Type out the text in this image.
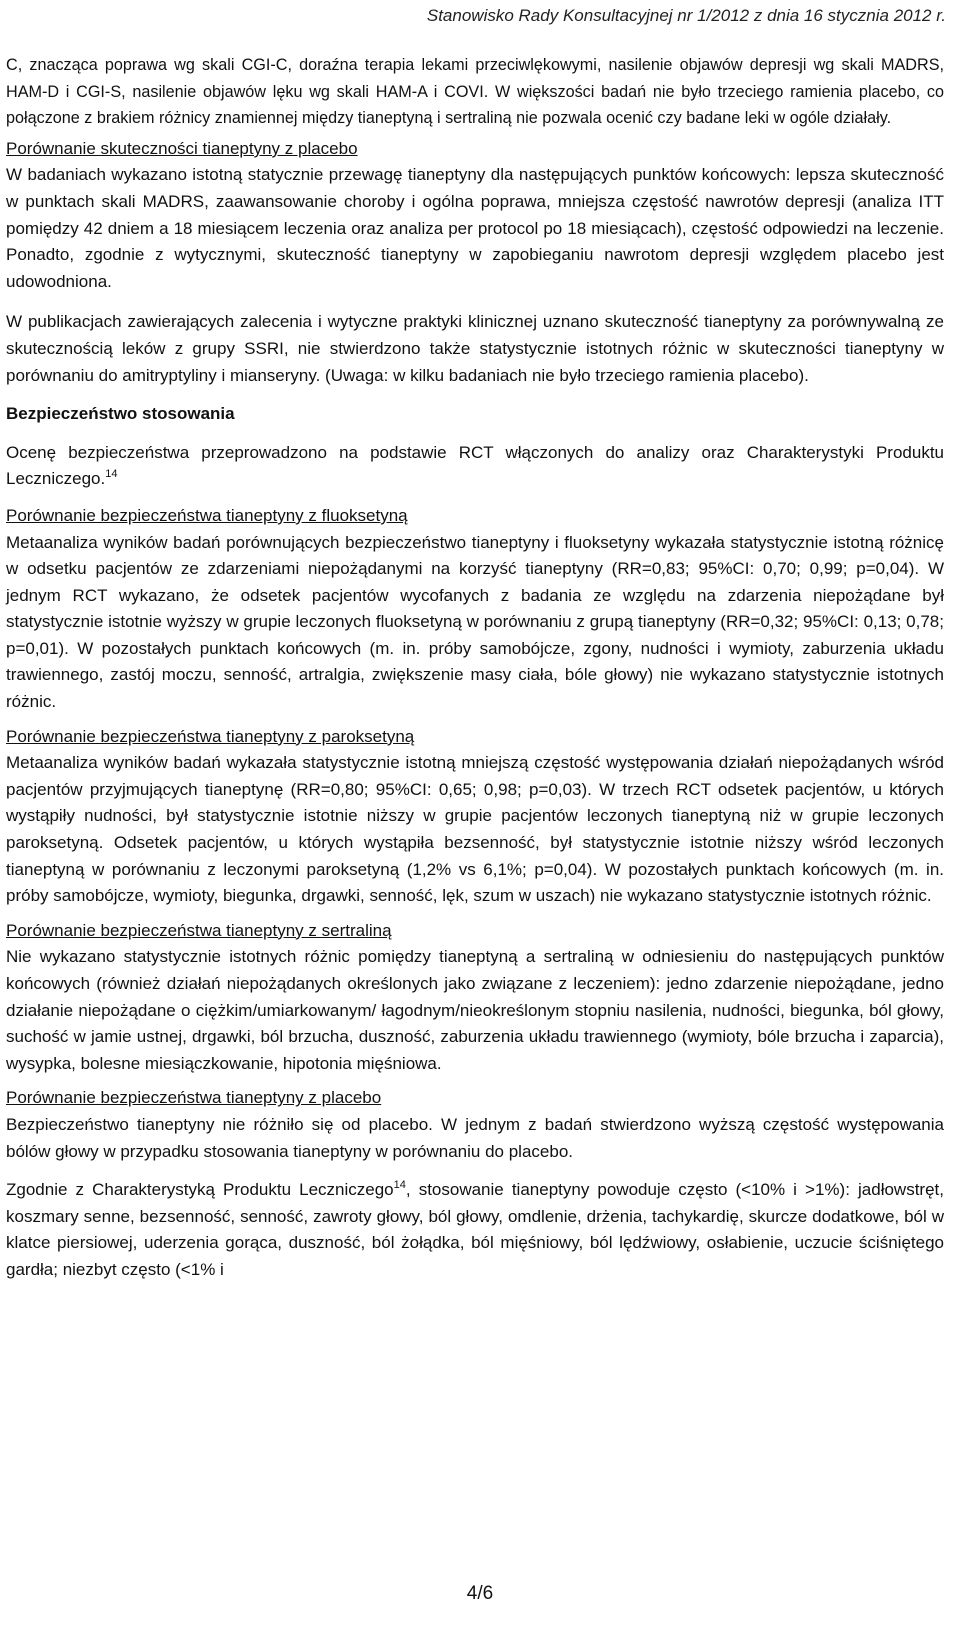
Stanowisko Rady Konsultacyjnej nr 1/2012 z dnia 16 stycznia 2012 r.

C, znacząca poprawa wg skali CGI-C, doraźna terapia lekami przeciwlękowymi, nasilenie objawów depresji wg skali MADRS, HAM-D i CGI-S, nasilenie objawów lęku wg skali HAM-A i COVI. W większości badań nie było trzeciego ramienia placebo, co połączone z brakiem różnicy znamiennej między tianeptyną i sertraliną nie pozwala ocenić czy badane leki w ogóle działały.

Porównanie skuteczności tianeptyny z placebo

W badaniach wykazano istotną statycznie przewagę tianeptyny dla następujących punktów końcowych: lepsza skuteczność w punktach skali MADRS, zaawansowanie choroby i ogólna poprawa, mniejsza częstość nawrotów depresji (analiza ITT pomiędzy 42 dniem a 18 miesiącem leczenia oraz analiza per protocol po 18 miesiącach), częstość odpowiedzi na leczenie. Ponadto, zgodnie z wytycznymi, skuteczność tianeptyny w zapobieganiu nawrotom depresji względem placebo jest udowodniona.

W publikacjach zawierających zalecenia i wytyczne praktyki klinicznej uznano skuteczność tianeptyny za porównywalną ze skutecznością leków z grupy SSRI, nie stwierdzono także statystycznie istotnych różnic w skuteczności tianeptyny w porównaniu do amitryptyliny i mianseryny. (Uwaga: w kilku badaniach nie było trzeciego ramienia placebo).

Bezpieczeństwo stosowania

Ocenę bezpieczeństwa przeprowadzono na podstawie RCT włączonych do analizy oraz Charakterystyki Produktu Leczniczego.$^{14}$

Porównanie bezpieczeństwa tianeptyny z fluoksetyną

Metaanaliza wyników badań porównujących bezpieczeństwo tianeptyny i fluoksetyny wykazała statystycznie istotną różnicę w odsetku pacjentów ze zdarzeniami niepożądanymi na korzyść tianeptyny (RR=0,83; 95%CI: 0,70; 0,99; p=0,04). W jednym RCT wykazano, że odsetek pacjentów wycofanych z badania ze względu na zdarzenia niepożądane był statystycznie istotnie wyższy w grupie leczonych fluoksetyną w porównaniu z grupą tianeptyny (RR=0,32; 95%CI: 0,13; 0,78; p=0,01). W pozostałych punktach końcowych (m. in. próby samobójcze, zgony, nudności i wymioty, zaburzenia układu trawiennego, zastój moczu, senność, artralgia, zwiększenie masy ciała, bóle głowy) nie wykazano statystycznie istotnych różnic.

Porównanie bezpieczeństwa tianeptyny z paroksetyną

Metaanaliza wyników badań wykazała statystycznie istotną mniejszą częstość występowania działań niepożądanych wśród pacjentów przyjmujących tianeptynę (RR=0,80; 95%CI: 0,65; 0,98; p=0,03). W trzech RCT odsetek pacjentów, u których wystąpiły nudności, był statystycznie istotnie niższy w grupie pacjentów leczonych tianeptyną niż w grupie leczonych paroksetyną. Odsetek pacjentów, u których wystąpiła bezsenność, był statystycznie istotnie niższy wśród leczonych tianeptyną w porównaniu z leczonymi paroksetyną (1,2% vs 6,1%; p=0,04). W pozostałych punktach końcowych (m. in. próby samobójcze, wymioty, biegunka, drgawki, senność, lęk, szum w uszach) nie wykazano statystycznie istotnych różnic.

Porównanie bezpieczeństwa tianeptyny z sertraliną

Nie wykazano statystycznie istotnych różnic pomiędzy tianeptyną a sertraliną w odniesieniu do następujących punktów końcowych (również działań niepożądanych określonych jako związane z leczeniem): jedno zdarzenie niepożądane, jedno działanie niepożądane o ciężkim/umiarkowanym/ łagodnym/nieokreślonym stopniu nasilenia, nudności, biegunka, ból głowy, suchość w jamie ustnej, drgawki, ból brzucha, duszność, zaburzenia układu trawiennego (wymioty, bóle brzucha i zaparcia), wysypka, bolesne miesiączkowanie, hipotonia mięśniowa.

Porównanie bezpieczeństwa tianeptyny z placebo

Bezpieczeństwo tianeptyny nie różniło się od placebo. W jednym z badań stwierdzono wyższą częstość występowania bólów głowy w przypadku stosowania tianeptyny w porównaniu do placebo.

Zgodnie z Charakterystyką Produktu Leczniczego$^{14}$, stosowanie tianeptyny powoduje często (<10% i >1%): jadłowstręt, koszmary senne, bezsenność, senność, zawroty głowy, ból głowy, omdlenie, drżenia, tachykardię, skurcze dodatkowe, ból w klatce piersiowej, uderzenia gorąca, duszność, ból żołądka, ból mięśniowy, ból lędźwiowy, osłabienie, uczucie ściśniętego gardła; niezbyt często (<1% i

4/6
